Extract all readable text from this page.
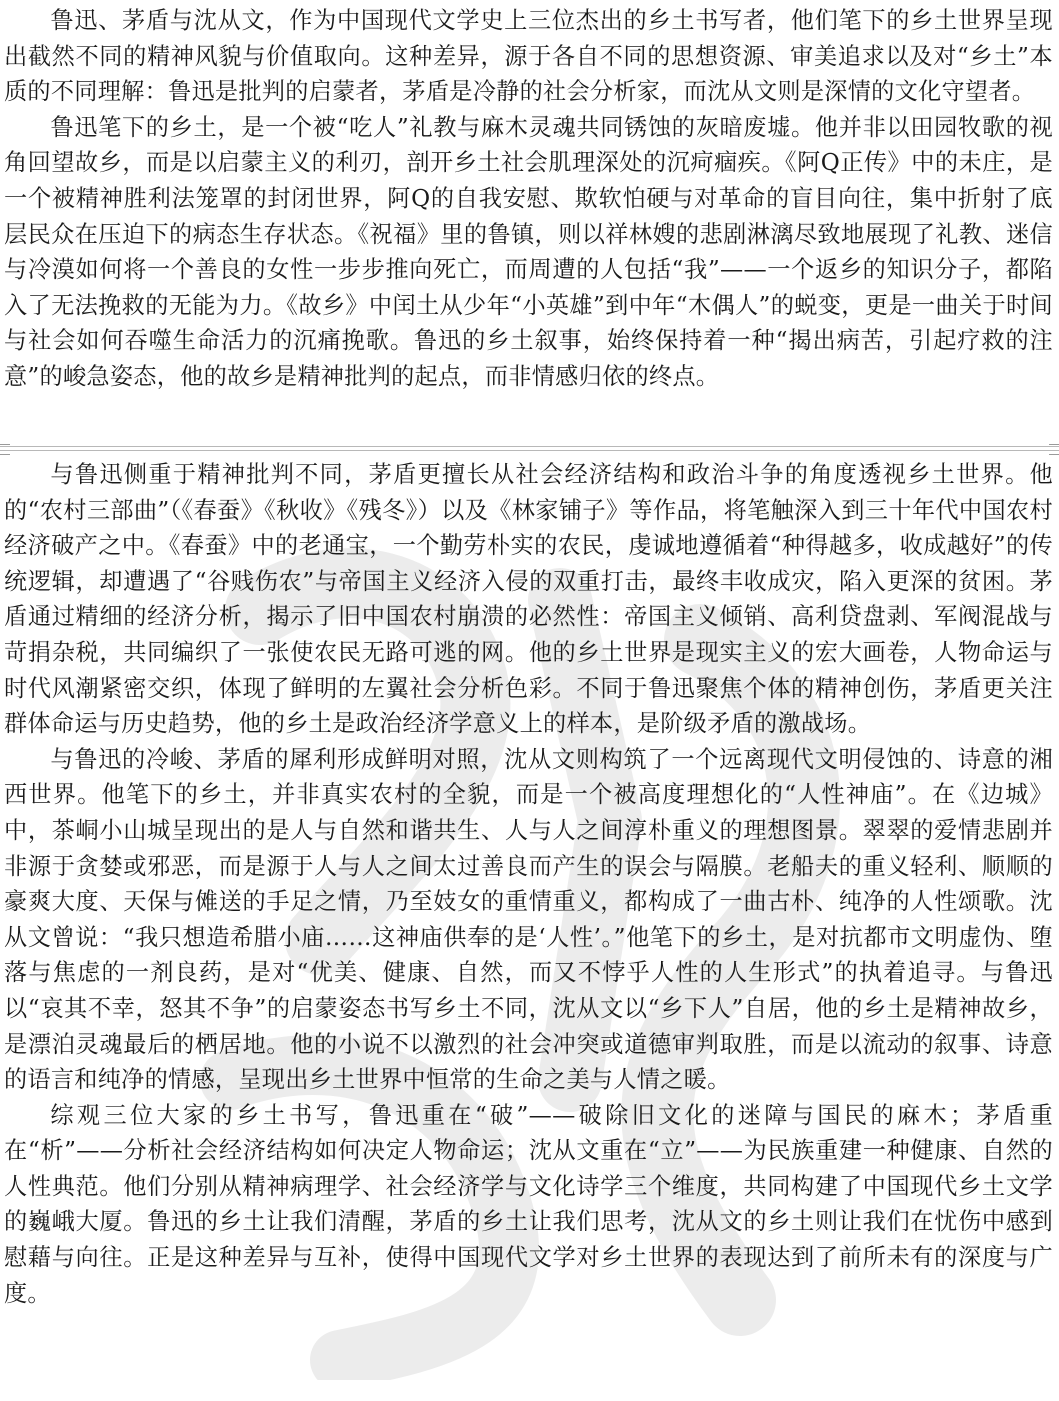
鲁迅、茅盾与沈从文，作为中国现代文学史上三位杰出的乡土书写者，他们笔下的乡土世界呈现出截然不同的精神风貌与价值取向。这种差异，源于各自不同的思想资源、审美追求以及对“乡土”本质的不同理解：鲁迅是批判的启蒙者，茅盾是冷静的社会分析家，而沈从文则是深情的文化守望者。

鲁迅笔下的乡土，是一个被“吃人”礼教与麻木灵魂共同锈蚀的灰暗废墟。他并非以田园牧歌的视角回望故乡，而是以启蒙主义的利刃，剖开乡土社会肌理深处的沉疴痼疾。《阿Q正传》中的未庄，是一个被精神胜利法笼罩的封闭世界，阿Q的自我安慰、欺软怕硬与对革命的盲目向往，集中折射了底层民众在压迫下的病态生存状态。《祝福》里的鲁镇，则以祥林嫂的悲剧淋漓尽致地展现了礼教、迷信与冷漠如何将一个善良的女性一步步推向死亡，而周遭的人包括“我”——一个返乡的知识分子，都陷入了无法挽救的无能为力。《故乡》中闰土从少年“小英雄”到中年“木偶人”的蜕变，更是一曲关于时间与社会如何吞噬生命活力的沉痛挽歌。鲁迅的乡土叙事，始终保持着一种“揭出病苦，引起疗救的注意”的峻急姿态，他的故乡是精神批判的起点，而非情感归依的终点。

与鲁迅侧重于精神批判不同，茅盾更擅长从社会经济结构和政治斗争的角度透视乡土世界。他的“农村三部曲”（《春蚕》《秋收》《残冬》）以及《林家铺子》等作品，将笔触深入到三十年代中国农村经济破产之中。《春蚕》中的老通宝，一个勤劳朴实的农民，虔诚地遵循着“种得越多，收成越好”的传统逻辑，却遭遇了“谷贱伤农”与帝国主义经济入侵的双重打击，最终丰收成灾，陷入更深的贫困。茅盾通过精细的经济分析，揭示了旧中国农村崩溃的必然性：帝国主义倾销、高利贷盘剥、军阀混战与苛捐杂税，共同编织了一张使农民无路可逃的网。他的乡土世界是现实主义的宏大画卷，人物命运与时代风潮紧密交织，体现了鲜明的左翼社会分析色彩。不同于鲁迅聚焦个体的精神创伤，茅盾更关注群体命运与历史趋势，他的乡土是政治经济学意义上的样本，是阶级矛盾的激战场。

与鲁迅的冷峻、茅盾的犀利形成鲜明对照，沈从文则构筑了一个远离现代文明侵蚀的、诗意的湘西世界。他笔下的乡土，并非真实农村的全貌，而是一个被高度理想化的“人性神庙”。在《边城》中，茶峒小山城呈现出的是人与自然和谐共生、人与人之间淳朴重义的理想图景。翠翠的爱情悲剧并非源于贪婪或邪恶，而是源于人与人之间太过善良而产生的误会与隔膜。老船夫的重义轻利、顺顺的豪爽大度、天保与傩送的手足之情，乃至妓女的重情重义，都构成了一曲古朴、纯净的人性颂歌。沈从文曾说：“我只想造希腊小庙……这神庙供奉的是‘人性’。”他笔下的乡土，是对抗都市文明虚伪、堕落与焦虑的一剂良药，是对“优美、健康、自然，而又不悖乎人性的人生形式”的执着追寻。与鲁迅以“哀其不幸，怒其不争”的启蒙姿态书写乡土不同，沈从文以“乡下人”自居，他的乡土是精神故乡，是漂泊灵魂最后的栖居地。他的小说不以激烈的社会冲突或道德审判取胜，而是以流动的叙事、诗意的语言和纯净的情感，呈现出乡土世界中恒常的生命之美与人情之暖。

综观三位大家的乡土书写，鲁迅重在“破”——破除旧文化的迷障与国民的麻木；茅盾重在“析”——分析社会经济结构如何决定人物命运；沈从文重在“立”——为民族重建一种健康、自然的人性典范。他们分别从精神病理学、社会经济学与文化诗学三个维度，共同构建了中国现代乡土文学的巍峨大厦。鲁迅的乡土让我们清醒，茅盾的乡土让我们思考，沈从文的乡土则让我们在忧伤中感到慰藉与向往。正是这种差异与互补，使得中国现代文学对乡土世界的表现达到了前所未有的深度与广度。
